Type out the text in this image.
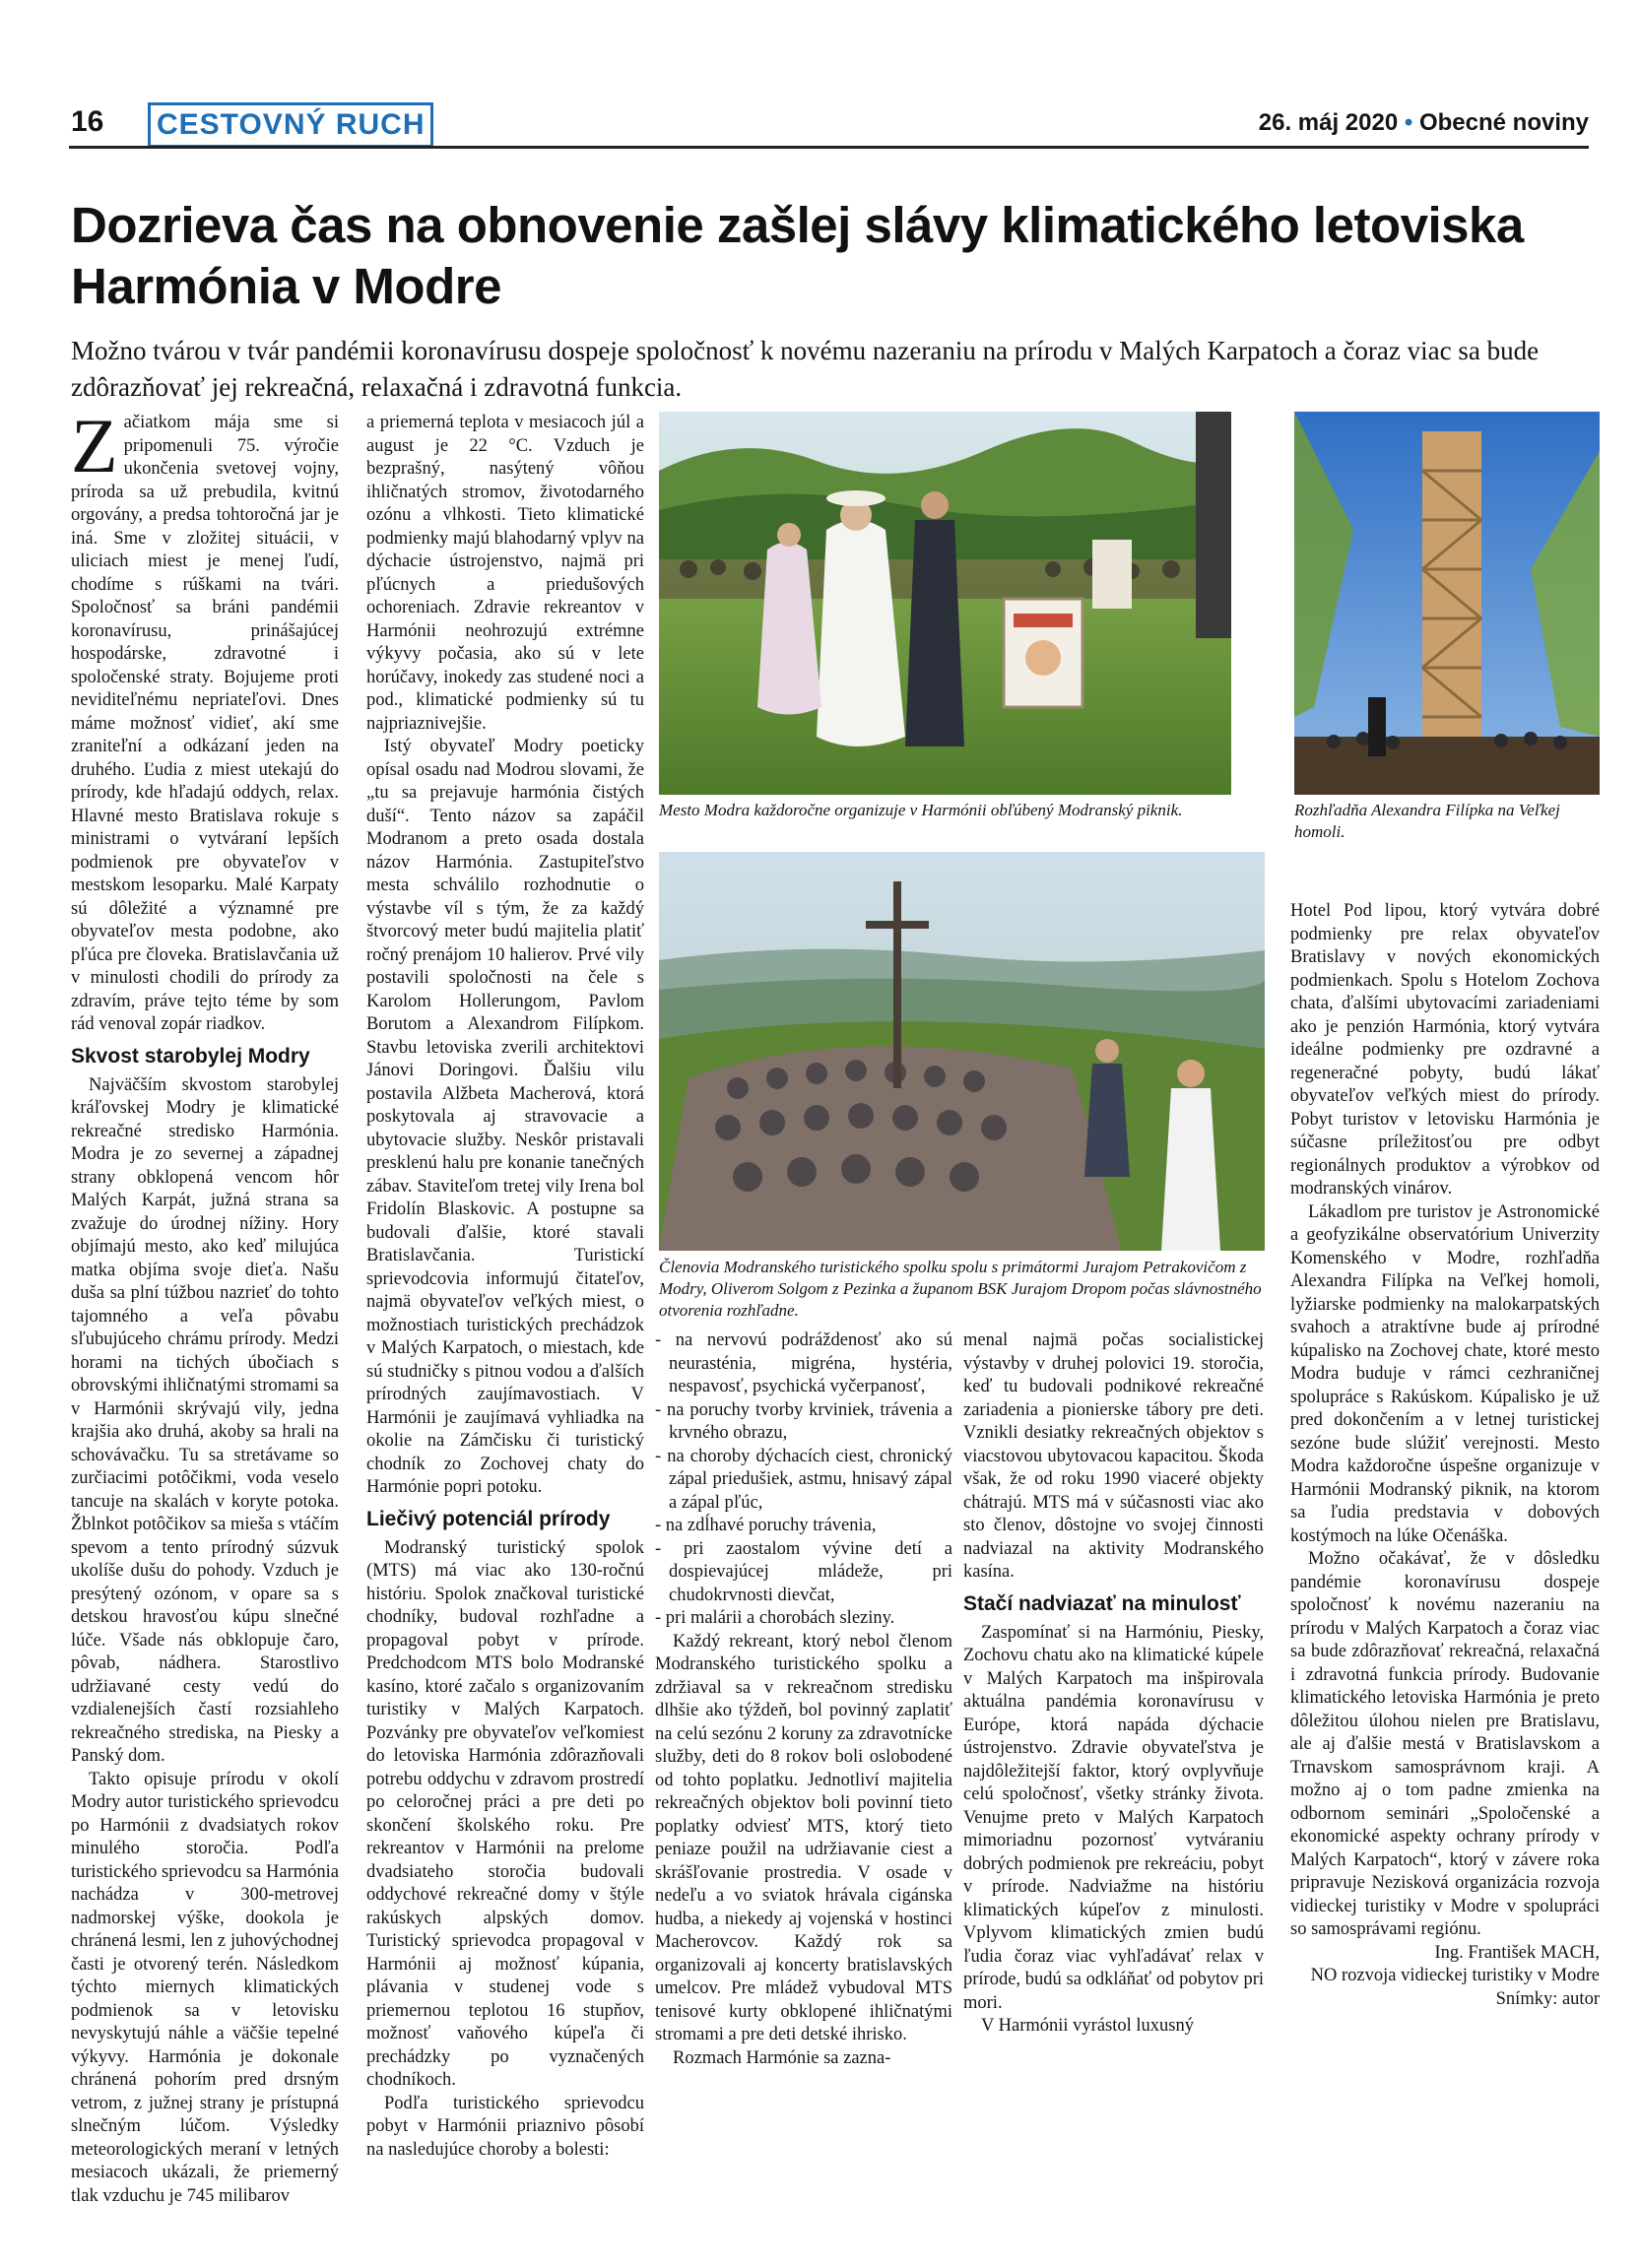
16	CESTOVNÝ RUCH	26. máj 2020 • Obecné noviny
Dozrieva čas na obnovenie zašlej slávy klimatického letoviska Harmónia v Modre
Možno tvárou v tvár pandémii koronavírusu dospeje spoločnosť k novému nazeraniu na prírodu v Malých Karpatoch a čoraz viac sa bude zdôrazňovať jej rekreačná, relaxačná i zdravotná funkcia.

Začiatkom mája sme si pripomenuli 75. výročie ukončenia svetovej vojny, príroda sa už prebudila, kvitnú orgovány, a predsa tohtoročná jar je iná. Sme v zložitej situácii, v uliciach miest je menej ľudí, chodíme s rúškami na tvári. Spoločnosť sa bráni pandémii koronavírusu, prinášajúcej hospodárske, zdravotné i spoločenské straty. Bojujeme proti neviditeľnému nepriateľovi. Dnes máme možnosť vidieť, akí sme zraniteľní a odkázaní jeden na druhého. Ľudia z miest utekajú do prírody, kde hľadajú oddych, relax. Hlavné mesto Bratislava rokuje s ministrami o vytváraní lepších podmienok pre obyvateľov v mestskom lesoparku. Malé Karpaty sú dôležité a významné pre obyvateľov mesta podobne, ako pľúca pre človeka. Bratislavčania už v minulosti chodili do prírody za zdravím, práve tejto téme by som rád venoval zopár riadkov.

Skvost starobylej Modry

Najväčším skvostom starobylej kráľovskej Modry je klimatické rekreačné stredisko Harmónia. Modra je zo severnej a západnej strany obklopená vencom hôr Malých Karpát, južná strana sa zvažuje do úrodnej nížiny. Hory objímajú mesto, ako keď milujúca matka objíma svoje dieťa. Našu duša sa plní túžbou nazrieť do tohto tajomného a veľa pôvabu sľubujúceho chrámu prírody. Medzi horami na tichých úbočiach s obrovskými ihličnatými stromami sa v Harmónii skrývajú vily, jedna krajšia ako druhá, akoby sa hrali na schovávačku. Tu sa stretávame so zurčiacimi potôčikmi, voda veselo tancuje na skalách v koryte potoka. Žblnkot potôčikov sa mieša s vtáčím spevom a tento prírodný súzvuk ukolíše dušu do pohody. Vzduch je presýtený ozónom, v opare sa s detskou hravosťou kúpu slnečné lúče. Všade nás obklopuje čaro, pôvab, nádhera. Starostlivo udržiavané cesty vedú do vzdialenejších častí rozsiahleho rekreačného strediska, na Piesky a Panský dom.

Takto opisuje prírodu v okolí Modry autor turistického sprievodcu po Harmónii z dvadsiatych rokov minulého storočia. Podľa turistického sprievodcu sa Harmónia nachádza v 300-metrovej nadmorskej výške, dookola je chránená lesmi, len z juhovýchodnej časti je otvorený terén. Následkom týchto miernych klimatických podmienok sa v letovisku nevyskytujú náhle a väčšie tepelné výkyvy. Harmónia je dokonale chránená pohorím pred drsným vetrom, z južnej strany je prístupná slnečným lúčom. Výsledky meteorologických meraní v letných mesiacoch ukázali, že priemerný tlak vzduchu je 745 milibarov

a priemerná teplota v mesiacoch júl a august je 22 °C. Vzduch je bezprašný, nasýtený vôňou ihličnatých stromov, životodarného ozónu a vlhkosti. Tieto klimatické podmienky majú blahodarný vplyv na dýchacie ústrojenstvo, najmä pri pľúcnych a priedušových ochoreniach. Zdravie rekreantov v Harmónii neohrozujú extrémne výkyvy počasia, ako sú v lete horúčavy, inokedy zas studené noci a pod., klimatické podmienky sú tu najpriaznivejšie.

Istý obyvateľ Modry poeticky opísal osadu nad Modrou slovami, že „tu sa prejavuje harmónia čistých duší“. Tento názov sa zapáčil Modranom a preto osada dostala názov Harmónia. Zastupiteľstvo mesta schválilo rozhodnutie o výstavbe víl s tým, že za každý štvorcový meter budú majitelia platiť ročný prenájom 10 halierov. Prvé vily postavili spoločnosti na čele s Karolom Hollerungom, Pavlom Borutom a Alexandrom Filípkom. Stavbu letoviska zverili architektovi Jánovi Doringovi. Ďalšiu vilu postavila Alžbeta Macherová, ktorá poskytovala aj stravovacie a ubytovacie služby. Neskôr pristavali presklenú halu pre konanie tanečných zábav. Staviteľom tretej vily Irena bol Fridolín Blaskovic. A postupne sa budovali ďalšie, ktoré stavali Bratislavčania. Turistickí sprievodcovia informujú čitateľov, najmä obyvateľov veľkých miest, o možnostiach turistických prechádzok v Malých Karpatoch, o miestach, kde sú studničky s pitnou vodou a ďalších prírodných zaujímavostiach. V Harmónii je zaujímavá vyhliadka na okolie na Zámčisku či turistický chodník zo Zochovej chaty do Harmónie popri potoku.

Liečivý potenciál prírody

Modranský turistický spolok (MTS) má viac ako 130-ročnú históriu. Spolok značkoval turistické chodníky, budoval rozhľadne a propagoval pobyt v prírode. Predchodcom MTS bolo Modranské kasíno, ktoré začalo s organizovaním turistiky v Malých Karpatoch. Pozvánky pre obyvateľov veľkomiest do letoviska Harmónia zdôrazňovali potrebu oddychu v zdravom prostredí po celoročnej práci a pre deti po skončení školského roku. Pre rekreantov v Harmónii na prelome dvadsiateho storočia budovali oddychové rekreačné domy v štýle rakúskych alpských domov. Turistický sprievodca propagoval v Harmónii aj možnosť kúpania, plávania v studenej vode s priemernou teplotou 16 stupňov, možnosť vaňového kúpeľa či prechádzky po vyznačených chodníkoch.

Podľa turistického sprievodcu pobyt v Harmónii priaznivo pôsobí na nasledujúce choroby a bolesti:

Mesto Modra každoročne organizuje v Harmónii obľúbený Modranský piknik.	Rozhľadňa Alexandra Filípka na Veľkej homoli.
Členovia Modranského turistického spolku spolu s primátormi Jurajom Petrakovičom z Modry, Oliverom Solgom z Pezinka a županom BSK Jurajom Dropom počas slávnostného otvorenia rozhľadne.
- na nervovú podráždenosť ako sú neurasténia, migréna, hystéria, nespavosť, psychická vyčerpanosť,
- na poruchy tvorby krviniek, trávenia a krvného obrazu,
- na choroby dýchacích ciest, chronický zápal priedušiek, astmu, hnisavý zápal a zápal pľúc,
- na zdĺhavé poruchy trávenia,
- pri zaostalom vývine detí a dospievajúcej mládeže, pri chudokrvnosti dievčat,
- pri malárii a chorobách sleziny.

Každý rekreant, ktorý nebol členom Modranského turistického spolku a zdržiaval sa v rekreačnom stredisku dlhšie ako týždeň, bol povinný zaplatiť na celú sezónu 2 koruny za zdravotnícke služby, deti do 8 rokov boli oslobodené od tohto poplatku. Jednotliví majitelia rekreačných objektov boli povinní tieto poplatky odviesť MTS, ktorý tieto peniaze použil na udržiavanie ciest a skrášľovanie prostredia. V osade v nedeľu a vo sviatok hrávala cigánska hudba, a niekedy aj vojenská v hostinci Macherovcov. Každý rok sa organizovali aj koncerty bratislavských umelcov. Pre mládež vybudoval MTS tenisové kurty obklopené ihličnatými stromami a pre deti detské ihrisko.

Rozmach Harmónie sa zazna-

menal najmä počas socialistickej výstavby v druhej polovici 19. storočia, keď tu budovali podnikové rekreačné zariadenia a pionierske tábory pre deti. Vznikli desiatky rekreačných objektov s viacstovou ubytovacou kapacitou. Škoda však, že od roku 1990 viaceré objekty chátrajú. MTS má v súčasnosti viac ako sto členov, dôstojne vo svojej činnosti nadviazal na aktivity Modranského kasína.

Stačí nadviazať na minulosť

Zaspomínať si na Harmóniu, Piesky, Zochovu chatu ako na klimatické kúpele v Malých Karpatoch ma inšpirovala aktuálna pandémia koronavírusu v Európe, ktorá napáda dýchacie ústrojenstvo. Zdravie obyvateľstva je najdôležitejší faktor, ktorý ovplyvňuje celú spoločnosť, všetky stránky života. Venujme preto v Malých Karpatoch mimoriadnu pozornosť vytváraniu dobrých podmienok pre rekreáciu, pobyt v prírode. Nadviažme na históriu klimatických kúpeľov z minulosti. Vplyvom klimatických zmien budú ľudia čoraz viac vyhľadávať relax v prírode, budú sa odkláňať od pobytov pri mori.

V Harmónii vyrástol luxusný

Hotel Pod lipou, ktorý vytvára dobré podmienky pre relax obyvateľov Bratislavy v nových ekonomických podmienkach. Spolu s Hotelom Zochova chata, ďalšími ubytovacími zariadeniami ako je penzión Harmónia, ktorý vytvára ideálne podmienky pre ozdravné a regeneračné pobyty, budú lákať obyvateľov veľkých miest do prírody. Pobyt turistov v letovisku Harmónia je súčasne príležitosťou pre odbyt regionálnych produktov a výrobkov od modranských vinárov.

Lákadlom pre turistov je Astronomické a geofyzikálne observatórium Univerzity Komenského v Modre, rozhľadňa Alexandra Filípka na Veľkej homoli, lyžiarske podmienky na malokarpatských svahoch a atraktívne bude aj prírodné kúpalisko na Zochovej chate, ktoré mesto Modra buduje v rámci cezhraničnej spolupráce s Rakúskom. Kúpalisko je už pred dokončením a v letnej turistickej sezóne bude slúžiť verejnosti. Mesto Modra každoročne úspešne organizuje v Harmónii Modranský piknik, na ktorom sa ľudia predstavia v dobových kostýmoch na lúke Očenáška.

Možno očakávať, že v dôsledku pandémie koronavírusu dospeje spoločnosť k novému nazeraniu na prírodu v Malých Karpatoch a čoraz viac sa bude zdôrazňovať rekreačná, relaxačná i zdravotná funkcia prírody. Budovanie klimatického letoviska Harmónia je preto dôležitou úlohou nielen pre Bratislavu, ale aj ďalšie mestá v Bratislavskom a Trnavskom samosprávnom kraji. A možno aj o tom padne zmienka na odbornom seminári „Spoločenské a ekonomické aspekty ochrany prírody v Malých Karpatoch“, ktorý v závere roka pripravuje Nezisková organizácia rozvoja vidieckej turistiky v Modre v spolupráci so samosprávami regiónu.

Ing. František MACH,

NO rozvoja vidieckej turistiky v Modre

Snímky: autor
